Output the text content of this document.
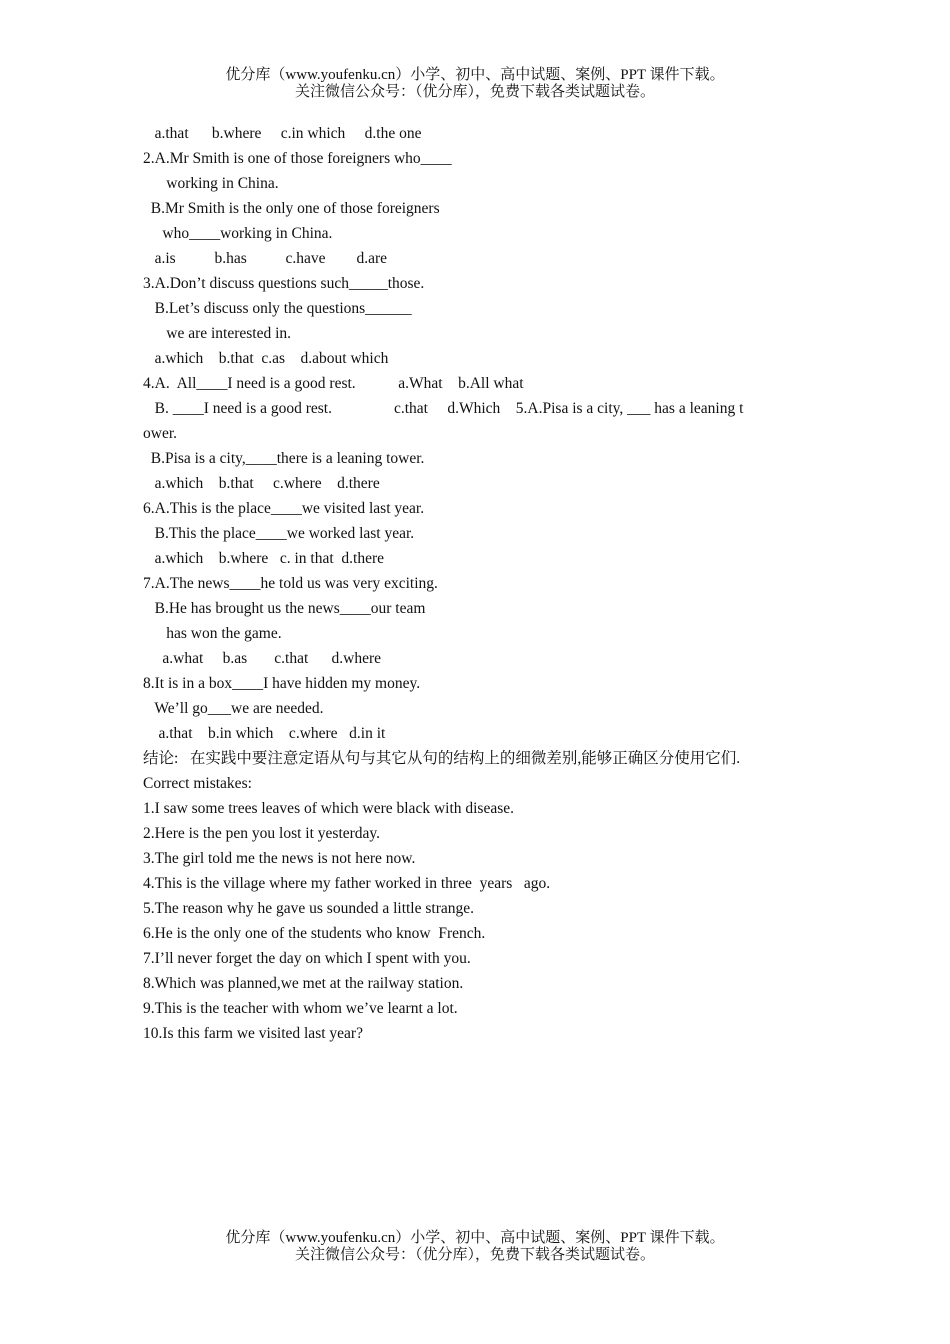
优分库（www.youfenku.cn）小学、初中、高中试题、案例、PPT 课件下载。
关注微信公众号：（优分库），免费下载各类试题试卷。
a.that      b.where     c.in which     d.the one
2.A.Mr Smith is one of those foreigners who____
working in China.
B.Mr Smith is the only one of those foreigners
who____working in China.
a.is          b.has          c.have        d.are
3.A.Don’t discuss questions such_____those.
B.Let’s discuss only the questions______
we are interested in.
a.which    b.that  c.as    d.about which
4.A.  All____I need is a good rest.           a.What    b.All what
B. ____I need is a good rest.                c.that     d.Which    5.A.Pisa is a city, ___ has a leaning t
ower.
B.Pisa is a city,____there is a leaning tower.
a.which    b.that     c.where    d.there
6.A.This is the place____we visited last year.
B.This the place____we worked last year.
a.which    b.where   c. in that  d.there
7.A.The news____he told us was very exciting.
B.He has brought us the news____our team
has won the game.
a.what     b.as       c.that      d.where
8.It is in a box____I have hidden my money.
We’ll go___we are needed.
a.that    b.in which    c.where   d.in it
结论:   在实践中要注意定语从句与其它从句的结构上的细微差别,能够正确区分使用它们.
Correct mistakes:
1.I saw some trees leaves of which were black with disease.
2.Here is the pen you lost it yesterday.
3.The girl told me the news is not here now.
4.This is the village where my father worked in three  years   ago.
5.The reason why he gave us sounded a little strange.
6.He is the only one of the students who know  French.
7.I’ll never forget the day on which I spent with you.
8.Which was planned,we met at the railway station.
9.This is the teacher with whom we’ve learnt a lot.
10.Is this farm we visited last year?
优分库（www.youfenku.cn）小学、初中、高中试题、案例、PPT 课件下载。
关注微信公众号：（优分库），免费下载各类试题试卷。
